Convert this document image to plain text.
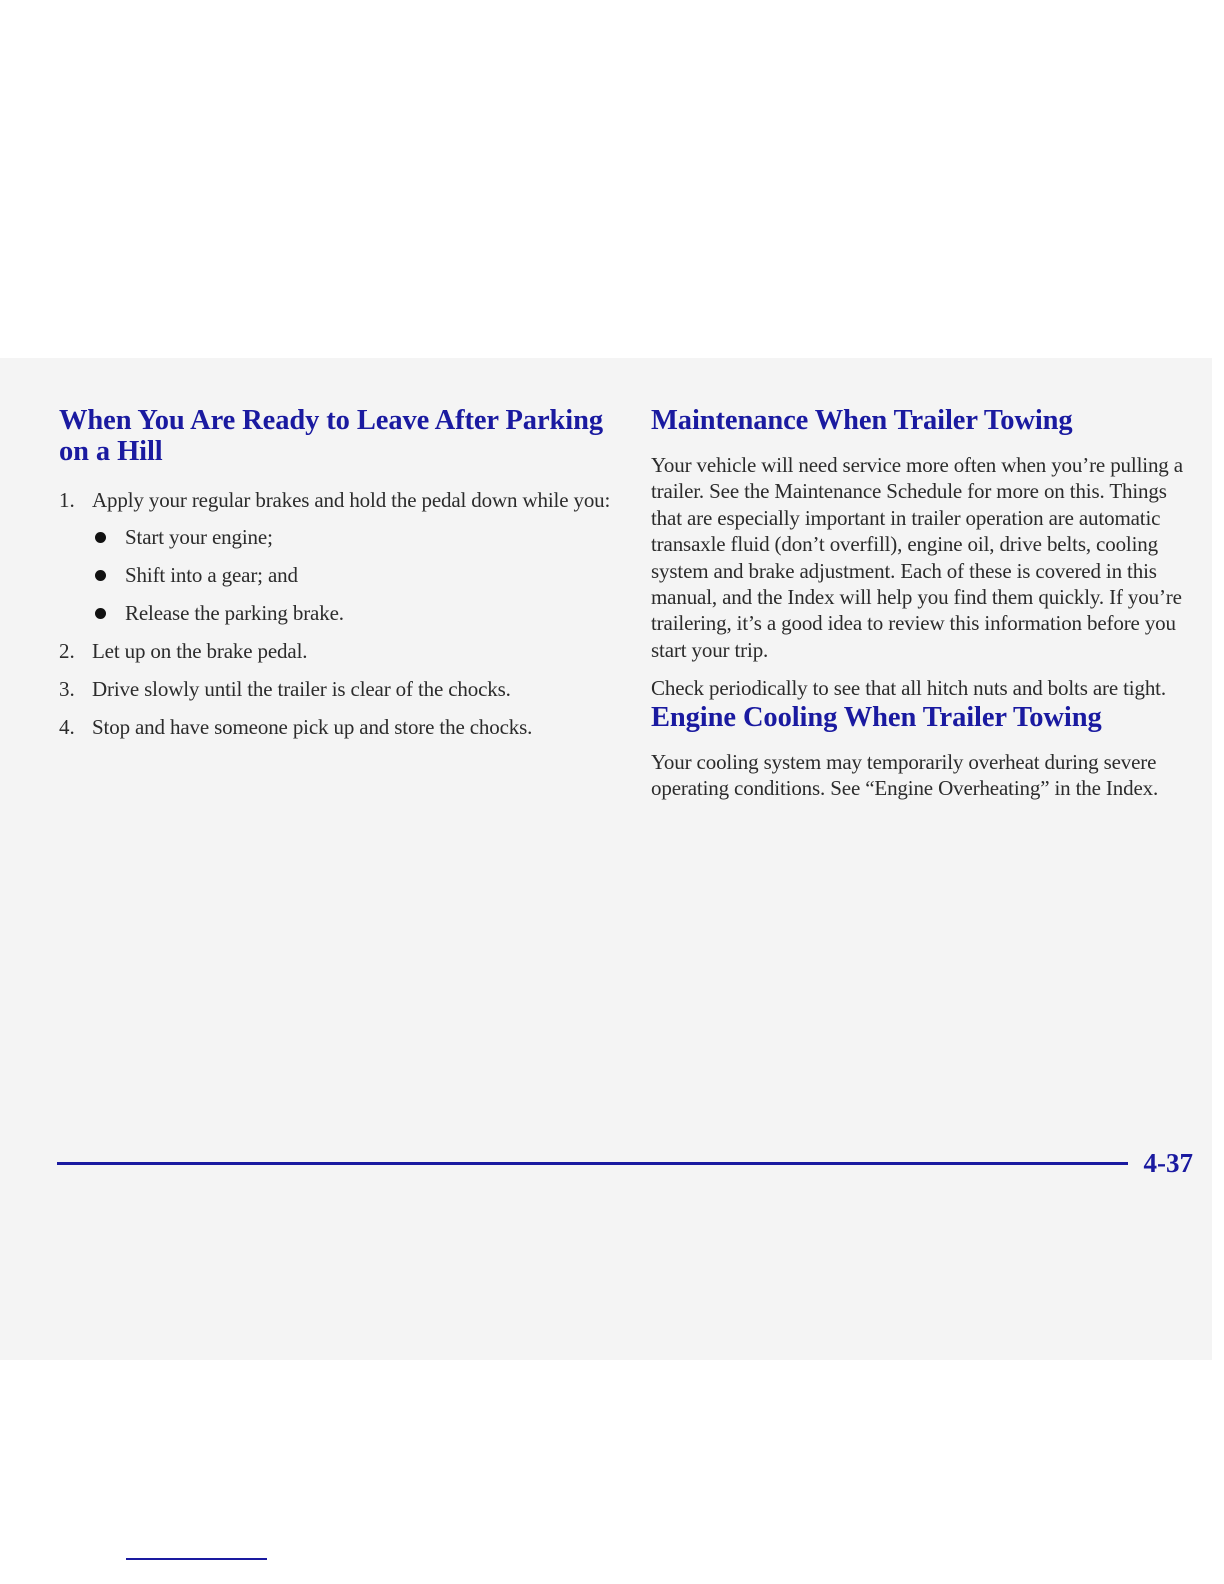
When You Are Ready to Leave After Parking on a Hill
1. Apply your regular brakes and hold the pedal down while you:

Start your engine;
Shift into a gear; and
Release the parking brake.
2. Let up on the brake pedal.

3. Drive slowly until the trailer is clear of the chocks.

4. Stop and have someone pick up and store the chocks.

Maintenance When Trailer Towing

Your vehicle will need service more often when you’re pulling a trailer. See the Maintenance Schedule for more on this. Things that are especially important in trailer operation are automatic transaxle fluid (don’t overfill), engine oil, drive belts, cooling system and brake adjustment. Each of these is covered in this manual, and the Index will help you find them quickly. If you’re trailering, it’s a good idea to review this information before you start your trip.

Check periodically to see that all hitch nuts and bolts are tight.

Engine Cooling When Trailer Towing

Your cooling system may temporarily overheat during severe operating conditions. See “Engine Overheating” in the Index.

4-37
